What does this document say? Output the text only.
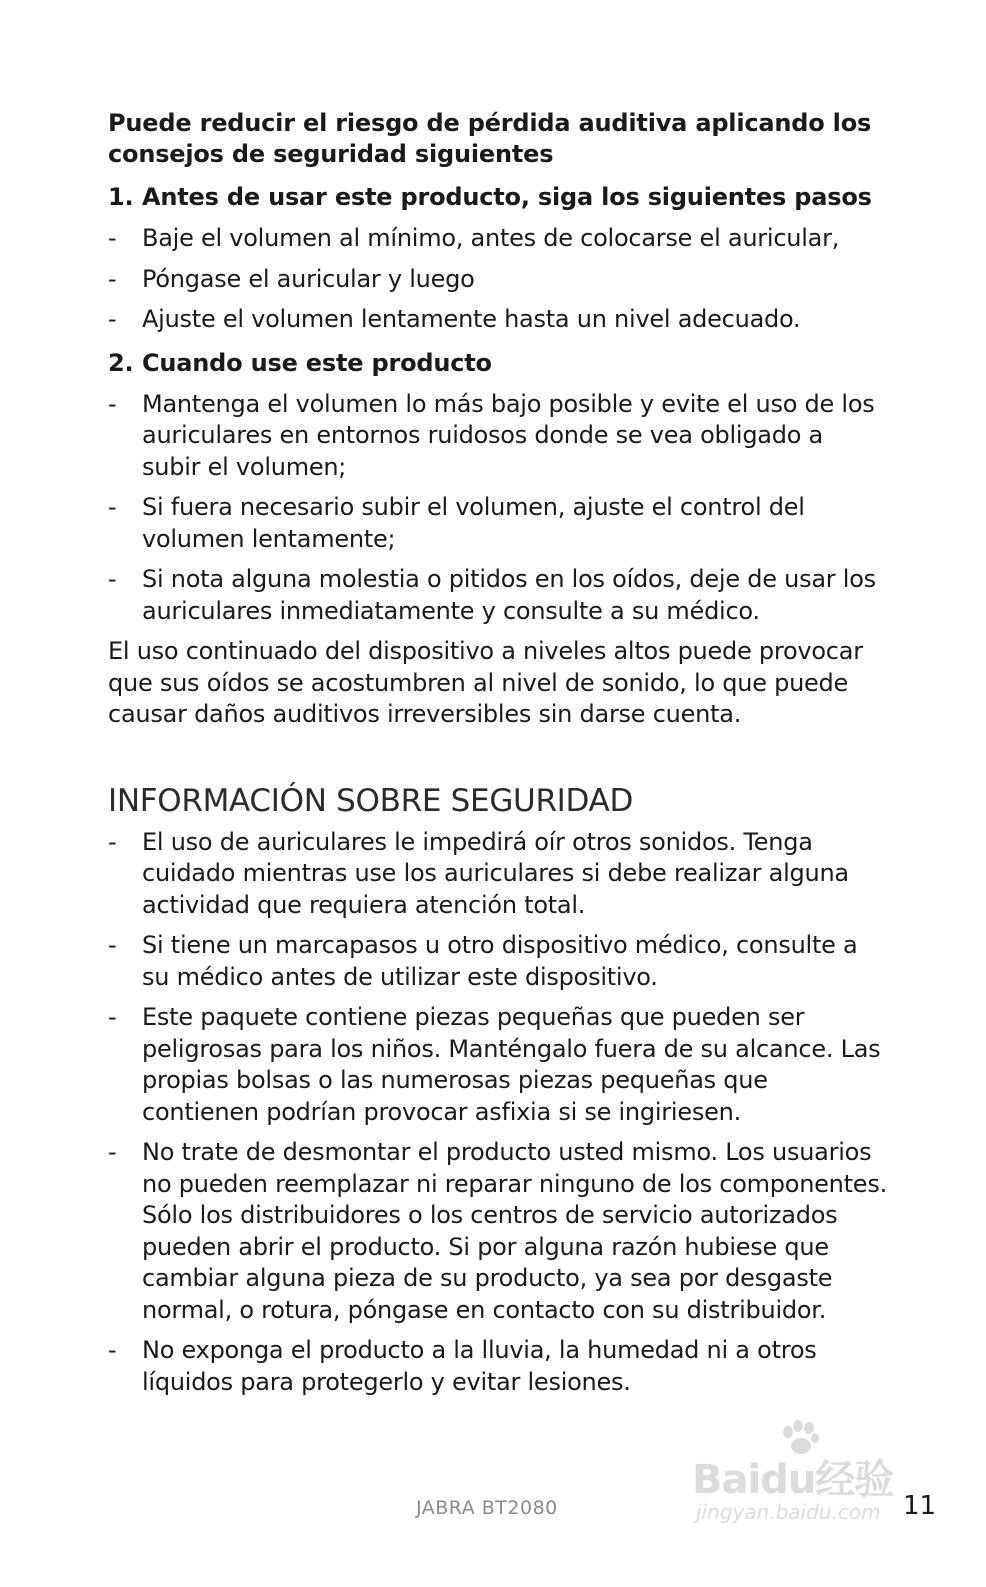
Puede reducir el riesgo de pérdida auditiva aplicando los consejos de seguridad siguientes

1. Antes de usar este producto, siga los siguientes pasos
-	Baje el volumen al mínimo, antes de colocarse el auricular,
-	Póngase el auricular y luego
-	Ajuste el volumen lentamente hasta un nivel adecuado.
2. Cuando use este producto
-	Mantenga el volumen lo más bajo posible y evite el uso de los auriculares en entornos ruidosos donde se vea obligado a subir el volumen;
-	Si fuera necesario subir el volumen, ajuste el control del volumen lentamente;
-	Si nota alguna molestia o pitidos en los oídos, deje de usar los auriculares inmediatamente y consulte a su médico.

El uso continuado del dispositivo a niveles altos puede provocar que sus oídos se acostumbren al nivel de sonido, lo que puede causar daños auditivos irreversibles sin darse cuenta.

INFORMACIÓN SOBRE SEGURIDAD
-	El uso de auriculares le impedirá oír otros sonidos. Tenga cuidado mientras use los auriculares si debe realizar alguna actividad que requiera atención total.
-	Si tiene un marcapasos u otro dispositivo médico, consulte a su médico antes de utilizar este dispositivo.
-	Este paquete contiene piezas pequeñas que pueden ser peligrosas para los niños. Manténgalo fuera de su alcance. Las propias bolsas o las numerosas piezas pequeñas que contienen podrían provocar asfixia si se ingiriesen.
-	No trate de desmontar el producto usted mismo. Los usuarios no pueden reemplazar ni reparar ninguno de los componentes. Sólo los distribuidores o los centros de servicio autorizados pueden abrir el producto. Si por alguna razón hubiese que cambiar alguna pieza de su producto, ya sea por desgaste normal, o rotura, póngase en contacto con su distribuidor.
-	No exponga el producto a la lluvia, la humedad ni a otros líquidos para protegerlo y evitar lesiones.
Baidu经验
jingyan.baidu.com
JABRA BT2080	11
